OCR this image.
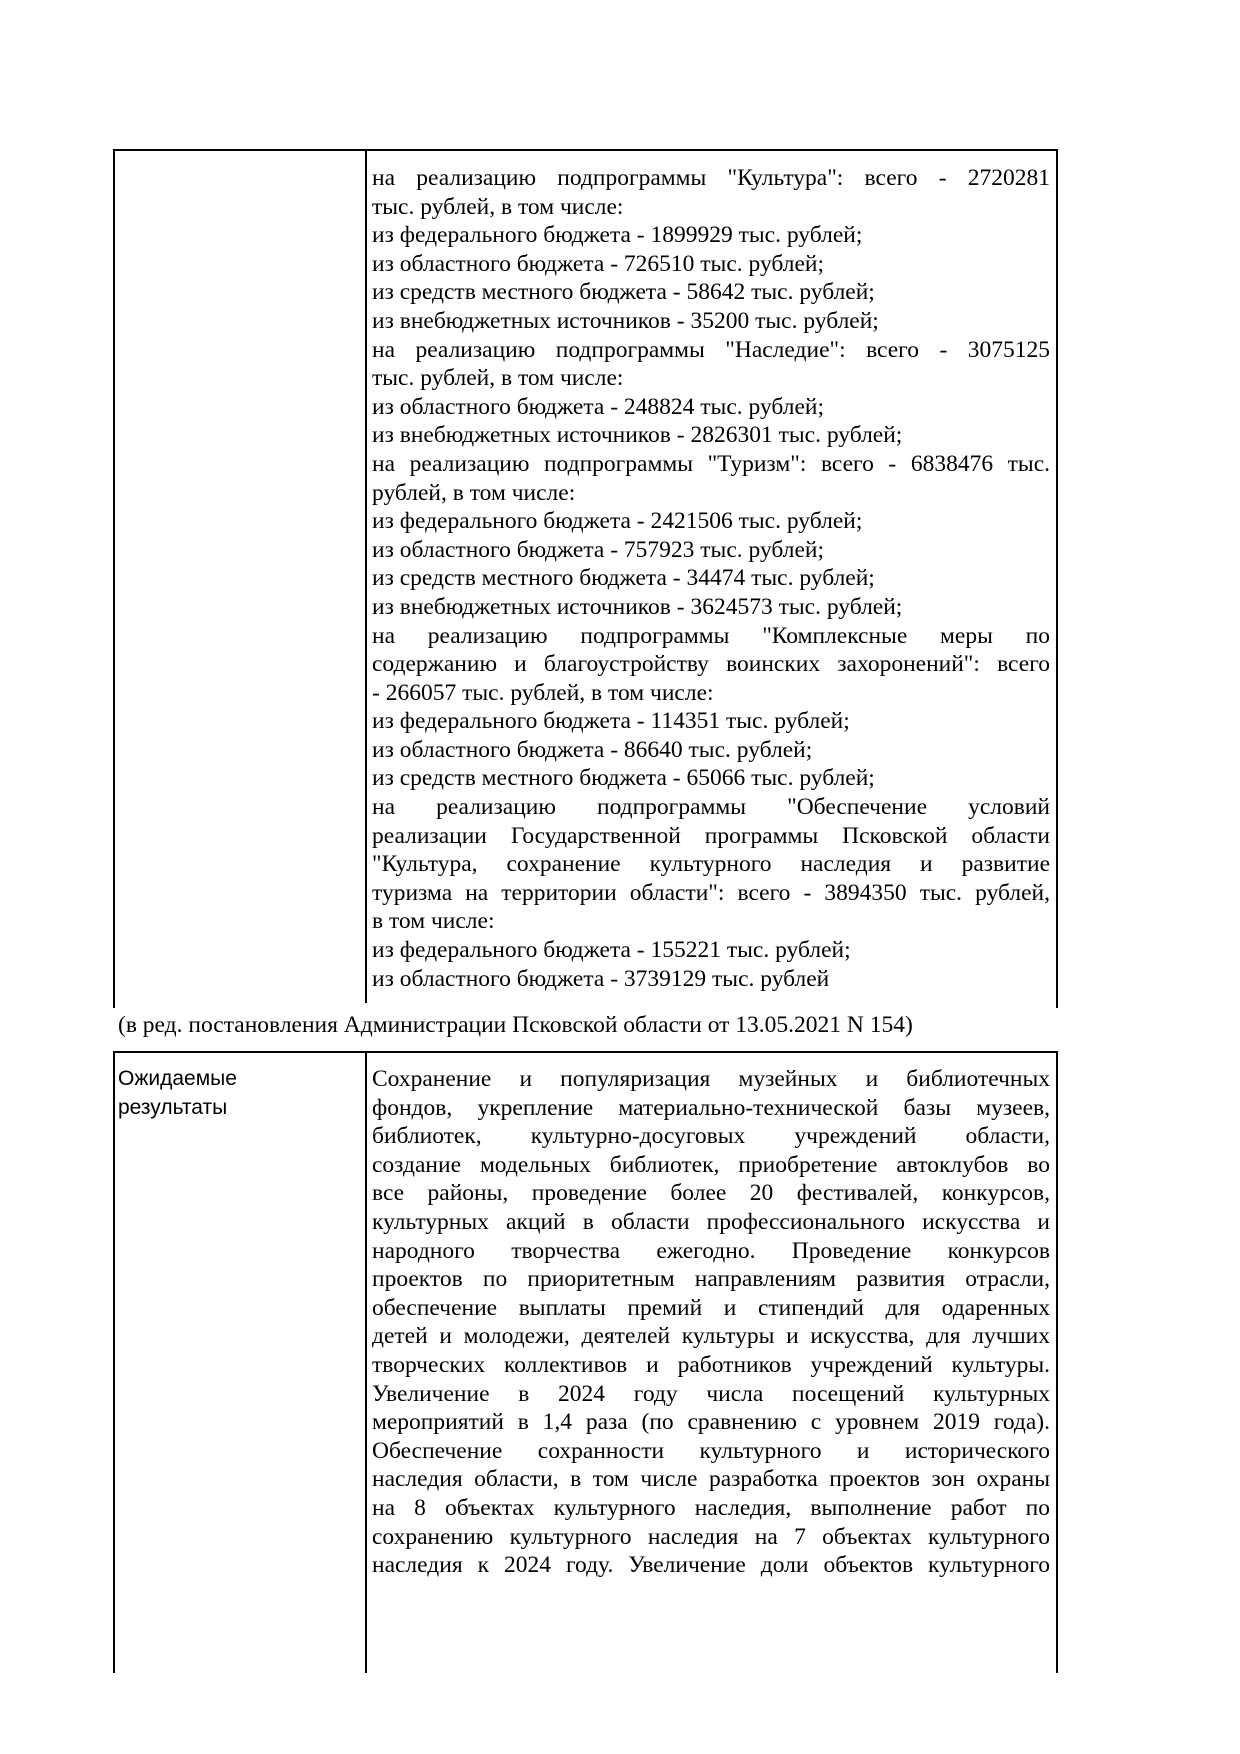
на реализацию подпрограммы "Культура": всего - 2720281
тыс. рублей, в том числе:
из федерального бюджета - 1899929 тыс. рублей;
из областного бюджета - 726510 тыс. рублей;
из средств местного бюджета - 58642 тыс. рублей;
из внебюджетных источников - 35200 тыс. рублей;
на реализацию подпрограммы "Наследие": всего - 3075125
тыс. рублей, в том числе:
из областного бюджета - 248824 тыс. рублей;
из внебюджетных источников - 2826301 тыс. рублей;
на реализацию подпрограммы "Туризм": всего - 6838476 тыс.
рублей, в том числе:
из федерального бюджета - 2421506 тыс. рублей;
из областного бюджета - 757923 тыс. рублей;
из средств местного бюджета - 34474 тыс. рублей;
из внебюджетных источников - 3624573 тыс. рублей;
на реализацию подпрограммы "Комплексные меры по
содержанию и благоустройству воинских захоронений": всего
- 266057 тыс. рублей, в том числе:
из федерального бюджета - 114351 тыс. рублей;
из областного бюджета - 86640 тыс. рублей;
из средств местного бюджета - 65066 тыс. рублей;
на реализацию подпрограммы "Обеспечение условий
реализации Государственной программы Псковской области
"Культура, сохранение культурного наследия и развитие
туризма на территории области": всего - 3894350 тыс. рублей,
в том числе:
из федерального бюджета - 155221 тыс. рублей;
из областного бюджета - 3739129 тыс. рублей
(в ред. постановления Администрации Псковской области от 13.05.2021 N 154)
Ожидаемые
результаты
Сохранение и популяризация музейных и библиотечных
фондов, укрепление материально-технической базы музеев,
библиотек, культурно-досуговых учреждений области,
создание модельных библиотек, приобретение автоклубов во
все районы, проведение более 20 фестивалей, конкурсов,
культурных акций в области профессионального искусства и
народного творчества ежегодно. Проведение конкурсов
проектов по приоритетным направлениям развития отрасли,
обеспечение выплаты премий и стипендий для одаренных
детей и молодежи, деятелей культуры и искусства, для лучших
творческих коллективов и работников учреждений культуры.
Увеличение в 2024 году числа посещений культурных
мероприятий в 1,4 раза (по сравнению с уровнем 2019 года).
Обеспечение сохранности культурного и исторического
наследия области, в том числе разработка проектов зон охраны
на 8 объектах культурного наследия, выполнение работ по
сохранению культурного наследия на 7 объектах культурного
наследия к 2024 году. Увеличение доли объектов культурного
